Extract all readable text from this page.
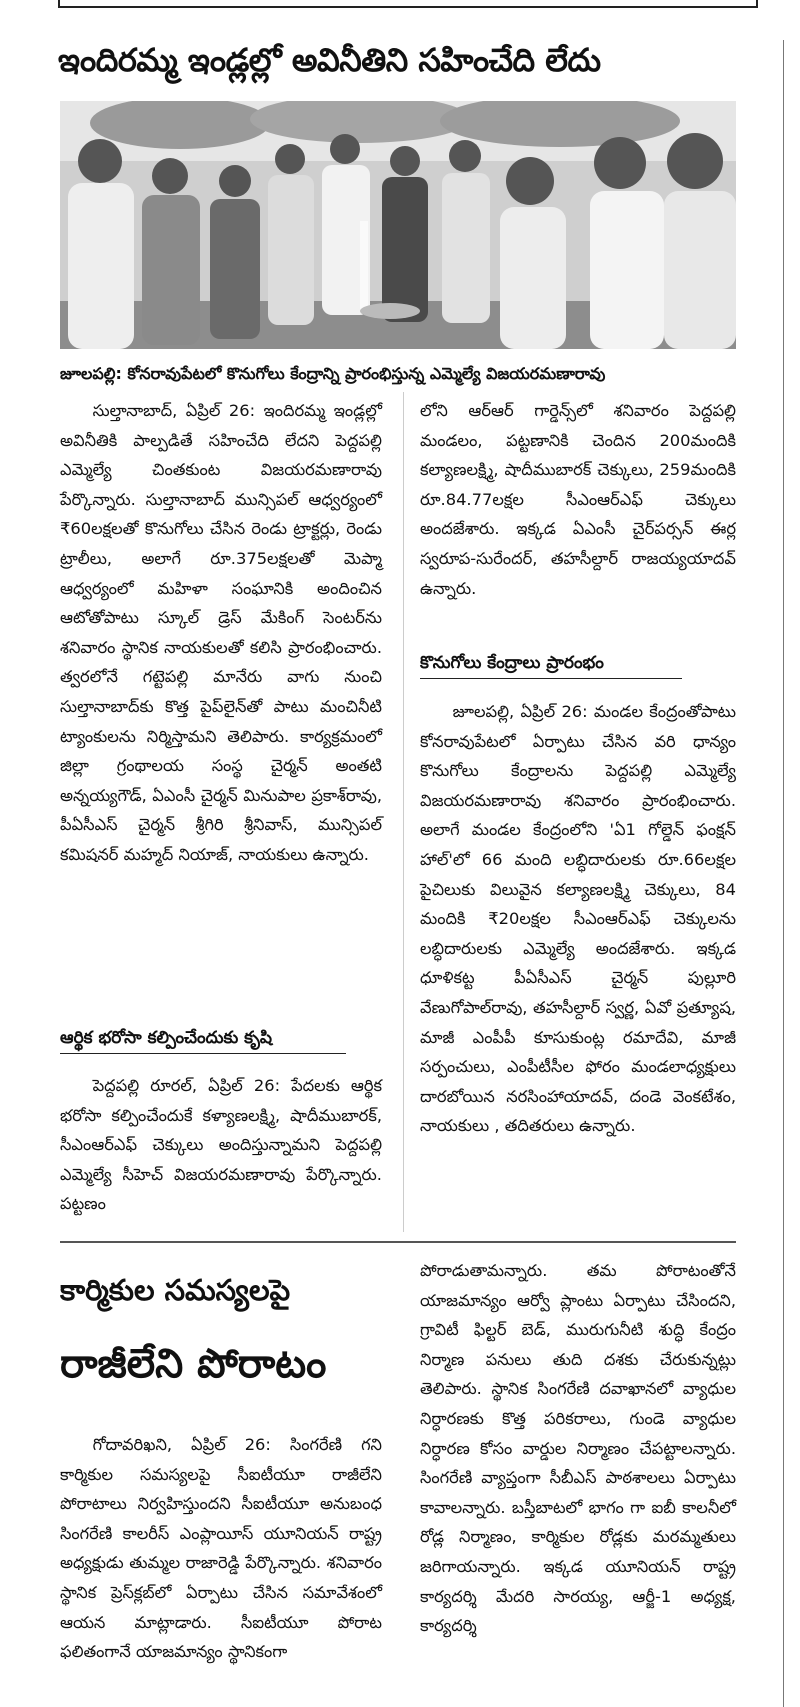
ఇందిరమ్మ ఇండ్లల్లో అవినీతిని సహించేది లేదు

జూలపల్లి: కోనరావుపేటలో కొనుగోలు కేంద్రాన్ని ప్రారంభిస్తున్న ఎమ్మెల్యే విజయరమణారావు

సుల్తానాబాద్, ఏప్రిల్ 26: ఇందిరమ్మ ఇండ్లల్లో అవినీతికి పాల్పడితే సహించేది లేదని పెద్దపల్లి ఎమ్మెల్యే చింతకుంట విజయరమణారావు పేర్కొన్నారు. సుల్తానాబాద్ మున్సిపల్ ఆధ్వర్యంలో ₹60లక్షలతో కొనుగోలు చేసిన రెండు ట్రాక్టర్లు, రెండు ట్రాలీలు, అలాగే రూ.375లక్షలతో మెప్మా ఆధ్వర్యంలో మహిళా సంఘానికి అందించిన ఆటోతోపాటు స్కూల్ డ్రెస్ మేకింగ్ సెంటర్‌ను శనివారం స్థానిక నాయకులతో కలిసి ప్రారంభించారు. త్వరలోనే గట్టెపల్లి మానేరు వాగు నుంచి సుల్తానాబాద్‌కు కొత్త పైప్‌లైన్‌తో పాటు మంచినీటి ట్యాంకులను నిర్మిస్తామని తెలిపారు. కార్యక్రమంలో జిల్లా గ్రంథాలయ సంస్థ చైర్మన్ అంతటి అన్నయ్యగౌడ్, ఏఎంసీ చైర్మన్ మినుపాల ప్రకాశ్‌రావు, పీఏసీఎస్ చైర్మన్ శ్రీగిరి శ్రీనివాస్, మున్సిపల్ కమిషనర్ మహ్మద్ నియాజ్, నాయకులు ఉన్నారు.

ఆర్థిక భరోసా కల్పించేందుకు కృషి

పెద్దపల్లి రూరల్, ఏప్రిల్ 26: పేదలకు ఆర్థిక భరోసా కల్పించేందుకే కళ్యాణలక్ష్మి, షాదీముబారక్, సీఎంఆర్‌ఎఫ్ చెక్కులు అందిస్తున్నామని పెద్దపల్లి ఎమ్మెల్యే సీహెచ్ విజయరమణారావు పేర్కొన్నారు. పట్టణం

లోని ఆర్‌ఆర్ గార్డెన్స్‌లో శనివారం పెద్దపల్లి మండలం, పట్టణానికి చెందిన 200మందికి కల్యాణలక్ష్మి, షాదీముబారక్ చెక్కులు, 259మందికి రూ.84.77లక్షల సీఎంఆర్ఎఫ్ చెక్కులు అందజేశారు. ఇక్కడ ఏఎంసీ చైర్‌పర్సన్ ఈర్ల స్వరూప-సురేందర్, తహసీల్దార్ రాజయ్యయాదవ్ ఉన్నారు.

కొనుగోలు కేంద్రాలు ప్రారంభం

జూలపల్లి, ఏప్రిల్ 26: మండల కేంద్రంతోపాటు కోనరావుపేటలో ఏర్పాటు చేసిన వరి ధాన్యం కొనుగోలు కేంద్రాలను పెద్దపల్లి ఎమ్మెల్యే విజయరమణారావు శనివారం ప్రారంభించారు. అలాగే మండల కేంద్రంలోని 'ఏ1 గోల్డెన్ ఫంక్షన్ హాల్'లో 66 మంది లబ్ధిదారులకు రూ.66లక్షల పైచిలుకు విలువైన కల్యాణలక్ష్మి చెక్కులు, 84 మందికి ₹20లక్షల సీఎంఆర్ఎఫ్ చెక్కులను లబ్ధిదారులకు ఎమ్మెల్యే అందజేశారు. ఇక్కడ ధూళికట్ట పీఏసీఎస్ చైర్మన్ పుల్లూరి వేణుగోపాల్‌రావు, తహసీల్దార్ స్వర్ణ, ఏవో ప్రత్యూష, మాజీ ఎంపీపీ కూసుకుంట్ల రమాదేవి, మాజీ సర్పంచులు, ఎంపీటీసీల ఫోరం మండలాధ్యక్షులు దారబోయిన నరసింహాయాదవ్, దండె వెంకటేశం, నాయకులు , తదితరులు ఉన్నారు.

కార్మికుల సమస్యలపై
రాజీలేని పోరాటం

గోదావరిఖని, ఏప్రిల్ 26: సింగరేణి గని కార్మికుల సమస్యలపై సీఐటీయూ రాజీలేని పోరాటాలు నిర్వహిస్తుందని సీఐటీయూ అనుబంధ సింగరేణి కాలరీస్ ఎంప్లాయీస్ యూనియన్ రాష్ట్ర అధ్యక్షుడు తుమ్మల రాజారెడ్డి పేర్కొన్నారు. శనివారం స్థానిక ప్రెస్‌క్లబ్‌లో ఏర్పాటు చేసిన సమావేశంలో ఆయన మాట్లాడారు. సీఐటీయూ పోరాట ఫలితంగానే యాజమాన్యం స్థానికంగా

పోరాడుతామన్నారు. తమ పోరాటంతోనే యాజమాన్యం ఆర్వో ప్లాంటు ఏర్పాటు చేసిందని, గ్రావిటీ ఫిల్టర్ బెడ్, మురుగునీటి శుద్ధి కేంద్రం నిర్మాణ పనులు తుది దశకు చేరుకున్నట్లు తెలిపారు. స్థానిక సింగరేణి దవాఖానలో వ్యాధుల నిర్ధారణకు కొత్త పరికరాలు, గుండె వ్యాధుల నిర్ధారణ కోసం వార్డుల నిర్మాణం చేపట్టాలన్నారు. సింగరేణి వ్యాప్తంగా సీబీఎస్ పాఠశాలలు ఏర్పాటు కావాలన్నారు. బస్తీబాటలో భాగం గా ఐబీ కాలనీలో రోడ్ల నిర్మాణం, కార్మికుల రోడ్లకు మరమ్మతులు జరిగాయన్నారు. ఇక్కడ యూనియన్ రాష్ట్ర కార్యదర్శి మేదరి సారయ్య, ఆర్జీ-1 అధ్యక్ష, కార్యదర్శి
